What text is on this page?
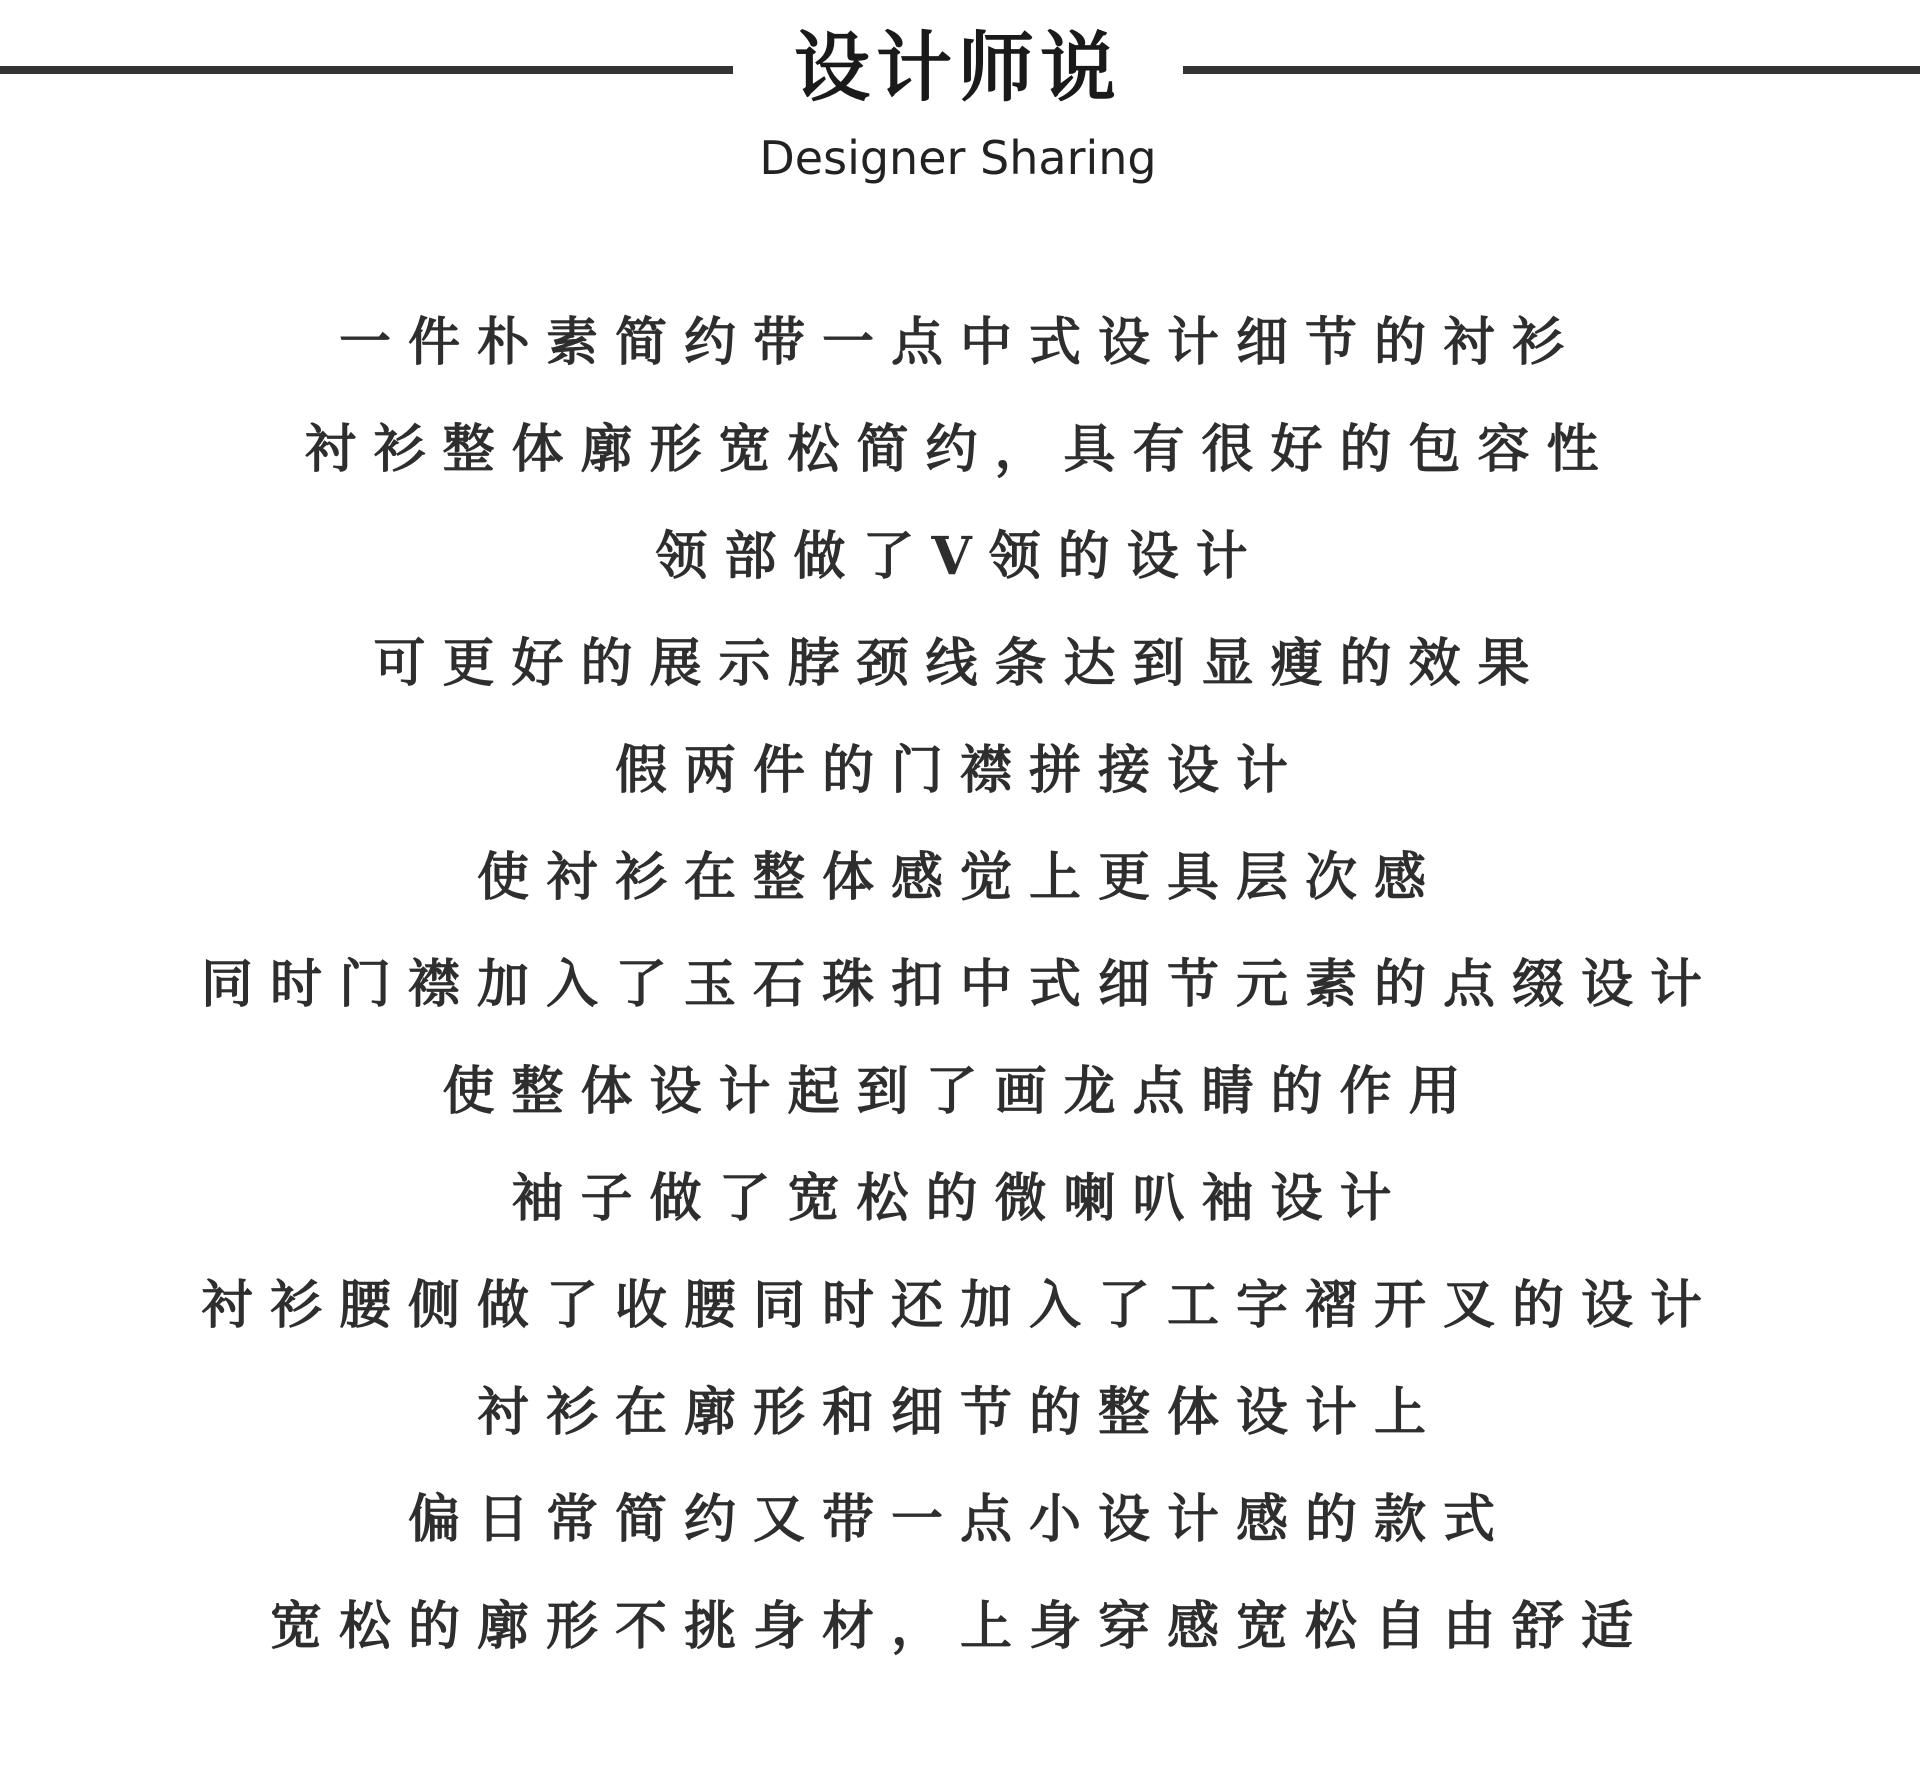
设计师说
Designer Sharing
一件朴素简约带一点中式设计细节的衬衫
衬衫整体廓形宽松简约，具有很好的包容性
领部做了V领的设计
可更好的展示脖颈线条达到显瘦的效果
假两件的门襟拼接设计
使衬衫在整体感觉上更具层次感
同时门襟加入了玉石珠扣中式细节元素的点缀设计
使整体设计起到了画龙点睛的作用
袖子做了宽松的微喇叭袖设计
衬衫腰侧做了收腰同时还加入了工字褶开叉的设计
衬衫在廓形和细节的整体设计上
偏日常简约又带一点小设计感的款式
宽松的廓形不挑身材，上身穿感宽松自由舒适
